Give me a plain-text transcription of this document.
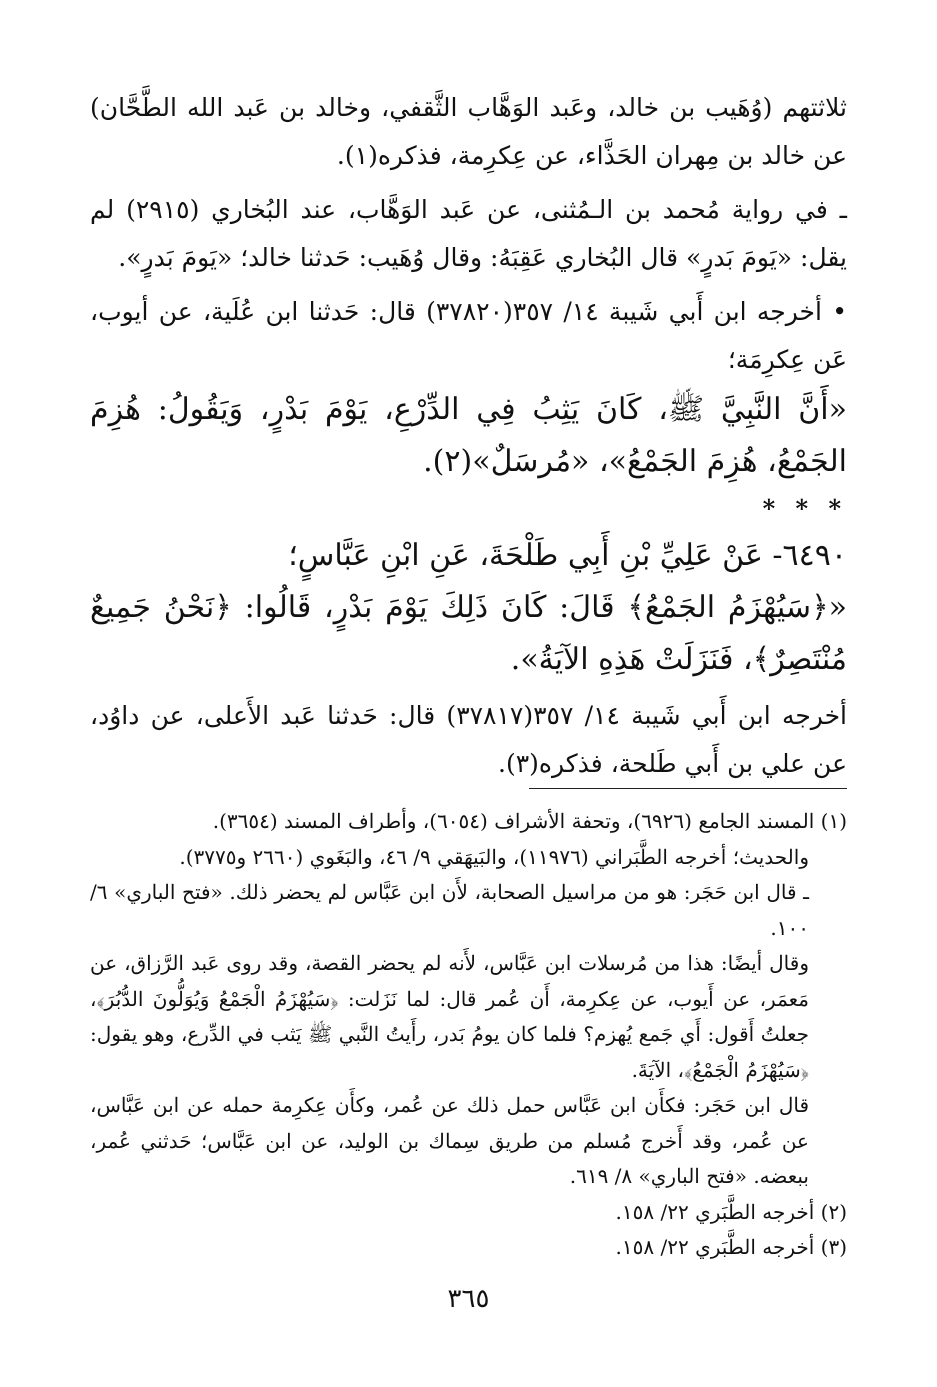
ثلاثتهم (وُهَيب بن خالد، وعَبد الوَهَّاب الثَّقفي، وخالد بن عَبد الله الطَّحَّان) عن خالد بن مِهران الحَذَّاء، عن عِكرِمة، فذكره(١).

ـ في رواية مُحمد بن الـمُثنى، عن عَبد الوَهَّاب، عند البُخاري (٢٩١٥) لم يقل: «يَومَ بَدرٍ» قال البُخاري عَقِبَهُ: وقال وُهَيب: حَدثنا خالد؛ «يَومَ بَدرٍ».

• أخرجه ابن أَبي شَيبة ١٤/ ٣٥٧(٣٧٨٢٠) قال: حَدثنا ابن عُلَية، عن أيوب، عَن عِكرِمَة؛

«أَنَّ النَّبِيَّ ﷺ، كَانَ يَثِبُ فِي الدِّرْعِ، يَوْمَ بَدْرٍ، وَيَقُولُ: هُزِمَ الجَمْعُ، هُزِمَ الجَمْعُ»، «مُرسَلٌ»(٢).

* * *

٦٤٩٠- عَنْ عَلِيِّ بْنِ أَبِي طَلْحَةَ، عَنِ ابْنِ عَبَّاسٍ؛

«﴿سَيُهْزَمُ الجَمْعُ﴾ قَالَ: كَانَ ذَلِكَ يَوْمَ بَدْرٍ، قَالُوا: ﴿نَحْنُ جَمِيعٌ مُنْتَصِرٌ﴾، فَنَزَلَتْ هَذِهِ الآيَةُ».

أخرجه ابن أَبي شَيبة ١٤/ ٣٥٧(٣٧٨١٧) قال: حَدثنا عَبد الأَعلى، عن داوُد، عن علي بن أَبي طَلحة، فذكره(٣).

(١) المسند الجامع (٦٩٢٦)، وتحفة الأشراف (٦٠٥٤)، وأطراف المسند (٣٦٥٤).

والحديث؛ أخرجه الطَّبَراني (١١٩٧٦)، والبَيهَقي ٩/ ٤٦، والبَغَوي (٢٦٦٠ و٣٧٧٥).

ـ قال ابن حَجَر: هو من مراسيل الصحابة، لأَن ابن عَبَّاس لم يحضر ذلك. «فتح الباري» ٦/ ١٠٠.

وقال أيضًا: هذا من مُرسلات ابن عَبَّاس، لأَنه لم يحضر القصة، وقد روى عَبد الرَّزاق، عن مَعمَر، عن أَيوب، عن عِكرِمة، أَن عُمر قال: لما نَزَلت: ﴿سَيُهْزَمُ الْجَمْعُ وَيُوَلُّونَ الدُّبُرَ﴾، جعلتُ أَقول: أَي جَمع يُهزم؟ فلما كان يومُ بَدر، رأَيتُ النَّبي ﷺ يَثب في الدِّرع، وهو يقول: ﴿سَيُهْزَمُ الْجَمْعُ﴾، الآيَةَ.

قال ابن حَجَر: فكأَن ابن عَبَّاس حمل ذلك عن عُمر، وكأَن عِكرِمة حمله عن ابن عَبَّاس، عن عُمر، وقد أَخرج مُسلم من طريق سِماك بن الوليد، عن ابن عَبَّاس؛ حَدثني عُمر، ببعضه. «فتح الباري» ٨/ ٦١٩.

(٢) أخرجه الطَّبَري ٢٢/ ١٥٨.

(٣) أخرجه الطَّبَري ٢٢/ ١٥٨.

٣٦٥
